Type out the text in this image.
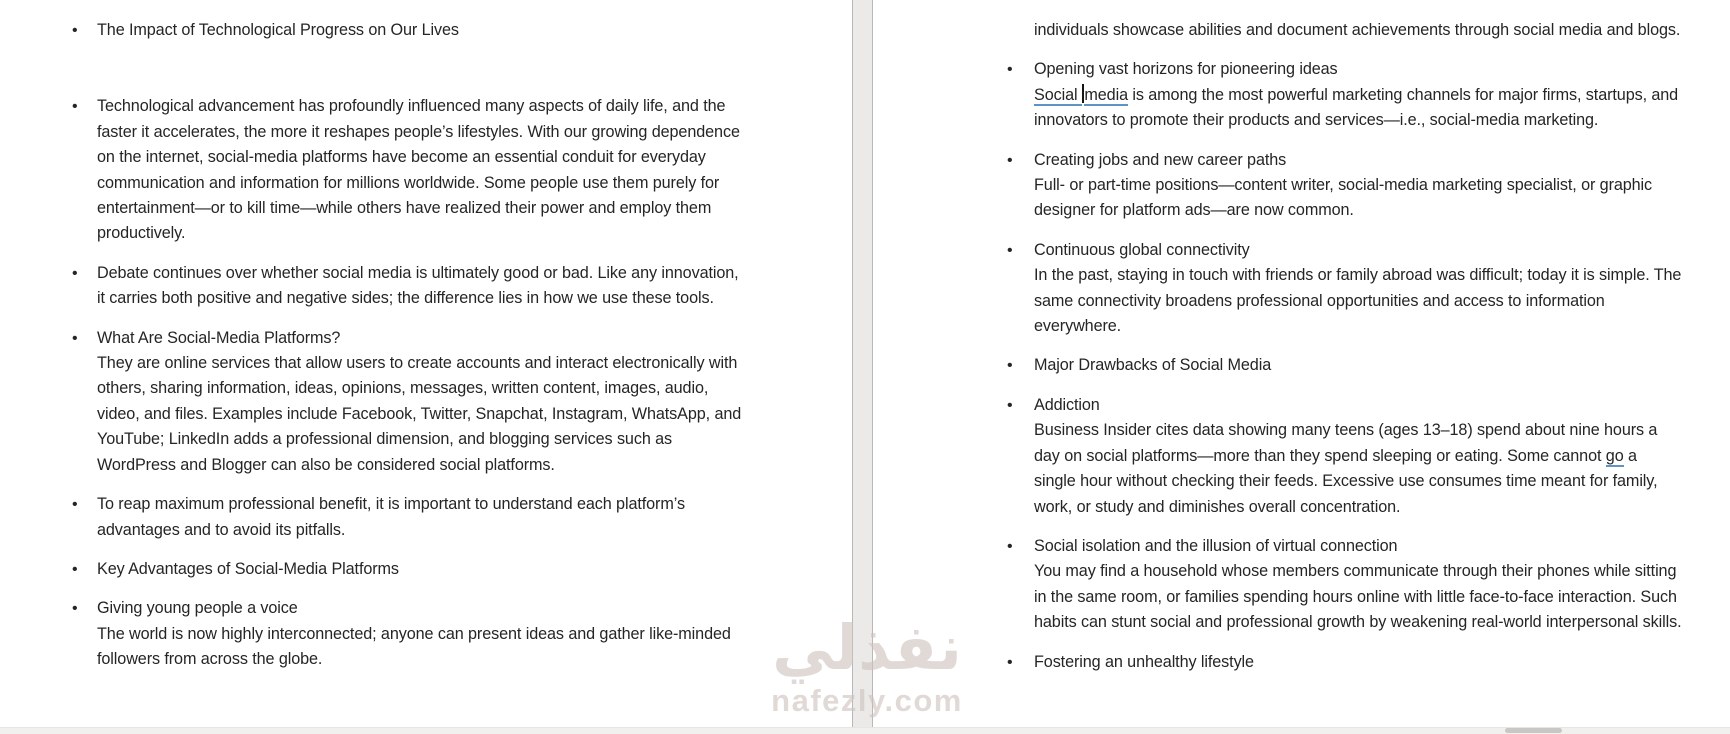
• The Impact of Technological Progress on Our Lives
• Technological advancement has profoundly influenced many aspects of daily life, and the faster it accelerates, the more it reshapes people’s lifestyles. With our growing dependence on the internet, social-media platforms have become an essential conduit for everyday communication and information for millions worldwide. Some people use them purely for entertainment—or to kill time—while others have realized their power and employ them productively.
• Debate continues over whether social media is ultimately good or bad. Like any innovation, it carries both positive and negative sides; the difference lies in how we use these tools.
• What Are Social-Media Platforms?
They are online services that allow users to create accounts and interact electronically with others, sharing information, ideas, opinions, messages, written content, images, audio, video, and files. Examples include Facebook, Twitter, Snapchat, Instagram, WhatsApp, and YouTube; LinkedIn adds a professional dimension, and blogging services such as WordPress and Blogger can also be considered social platforms.
• To reap maximum professional benefit, it is important to understand each platform’s advantages and to avoid its pitfalls.
• Key Advantages of Social-Media Platforms
• Giving young people a voice
The world is now highly interconnected; anyone can present ideas and gather like-minded followers from across the globe.
individuals showcase abilities and document achievements through social media and blogs.
• Opening vast horizons for pioneering ideas
Social media is among the most powerful marketing channels for major firms, startups, and innovators to promote their products and services—i.e., social-media marketing.
• Creating jobs and new career paths
Full- or part-time positions—content writer, social-media marketing specialist, or graphic designer for platform ads—are now common.
• Continuous global connectivity
In the past, staying in touch with friends or family abroad was difficult; today it is simple. The same connectivity broadens professional opportunities and access to information everywhere.
• Major Drawbacks of Social Media
• Addiction
Business Insider cites data showing many teens (ages 13–18) spend about nine hours a day on social platforms—more than they spend sleeping or eating. Some cannot go a single hour without checking their feeds. Excessive use consumes time meant for family, work, or study and diminishes overall concentration.
• Social isolation and the illusion of virtual connection
You may find a household whose members communicate through their phones while sitting in the same room, or families spending hours online with little face-to-face interaction. Such habits can stunt social and professional growth by weakening real-world interpersonal skills.
• Fostering an unhealthy lifestyle
نفذلي
nafezly.com
